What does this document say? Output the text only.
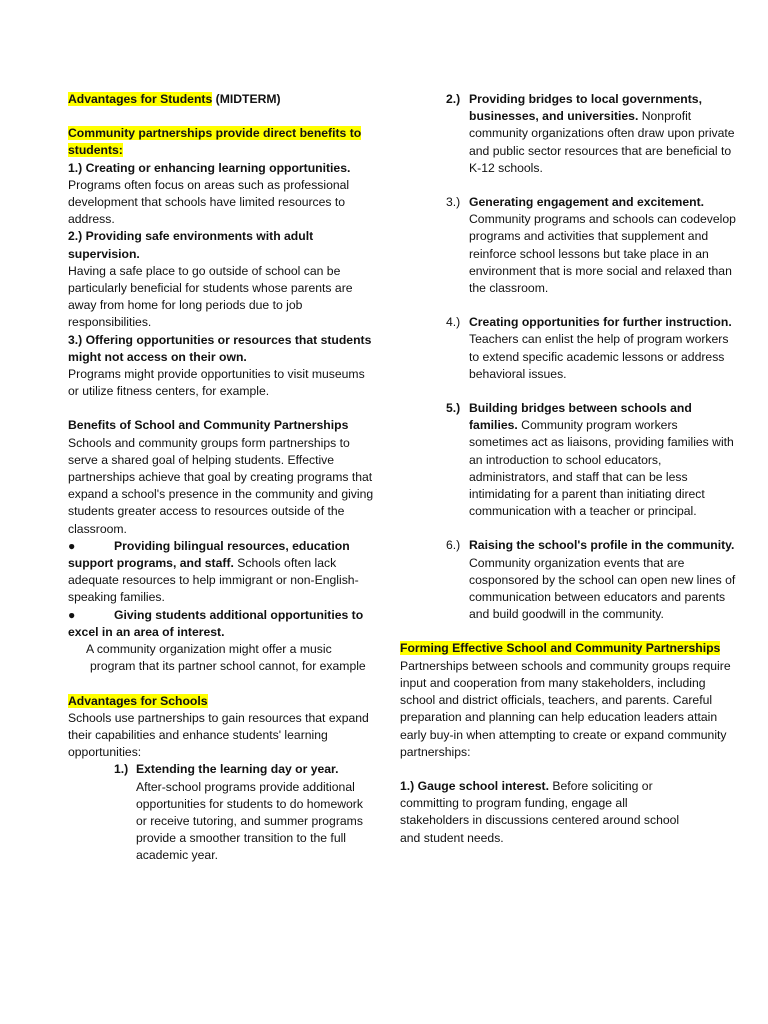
Advantages for Students (MIDTERM)

Community partnerships provide direct benefits to students:

1.) Creating or enhancing learning opportunities.

Programs often focus on areas such as professional development that schools have limited resources to address.

2.) Providing safe environments with adult supervision.

Having a safe place to go outside of school can be particularly beneficial for students whose parents are away from home for long periods due to job responsibilities.

3.) Offering opportunities or resources that students might not access on their own.

Programs might provide opportunities to visit museums or utilize fitness centers, for example.

Benefits of School and Community Partnerships

Schools and community groups form partnerships to serve a shared goal of helping students. Effective partnerships achieve that goal by creating programs that expand a school's presence in the community and giving students greater access to resources outside of the classroom.

●	Providing bilingual resources, education support programs, and staff. Schools often lack adequate resources to help immigrant or non-English-speaking families.

●	Giving students additional opportunities to excel in an area of interest.

A community organization might offer a music program that its partner school cannot, for example

Advantages for Schools

Schools use partnerships to gain resources that expand their capabilities and enhance students' learning opportunities:

1.) Extending the learning day or year.

After-school programs provide additional opportunities for students to do homework or receive tutoring, and summer programs provide a smoother transition to the full academic year.

2.) Providing bridges to local governments, businesses, and universities. Nonprofit community organizations often draw upon private and public sector resources that are beneficial to K-12 schools.

3.) Generating engagement and excitement. Community programs and schools can codevelop programs and activities that supplement and reinforce school lessons but take place in an environment that is more social and relaxed than the classroom.

4.) Creating opportunities for further instruction. Teachers can enlist the help of program workers to extend specific academic lessons or address behavioral issues.

5.) Building bridges between schools and families. Community program workers sometimes act as liaisons, providing families with an introduction to school educators, administrators, and staff that can be less intimidating for a parent than initiating direct communication with a teacher or principal.

6.) Raising the school's profile in the community. Community organization events that are cosponsored by the school can open new lines of communication between educators and parents and build goodwill in the community.

Forming Effective School and Community Partnerships

Partnerships between schools and community groups require input and cooperation from many stakeholders, including school and district officials, teachers, and parents. Careful preparation and planning can help education leaders attain early buy-in when attempting to create or expand community partnerships:

1.) Gauge school interest. Before soliciting or committing to program funding, engage all stakeholders in discussions centered around school and student needs.
